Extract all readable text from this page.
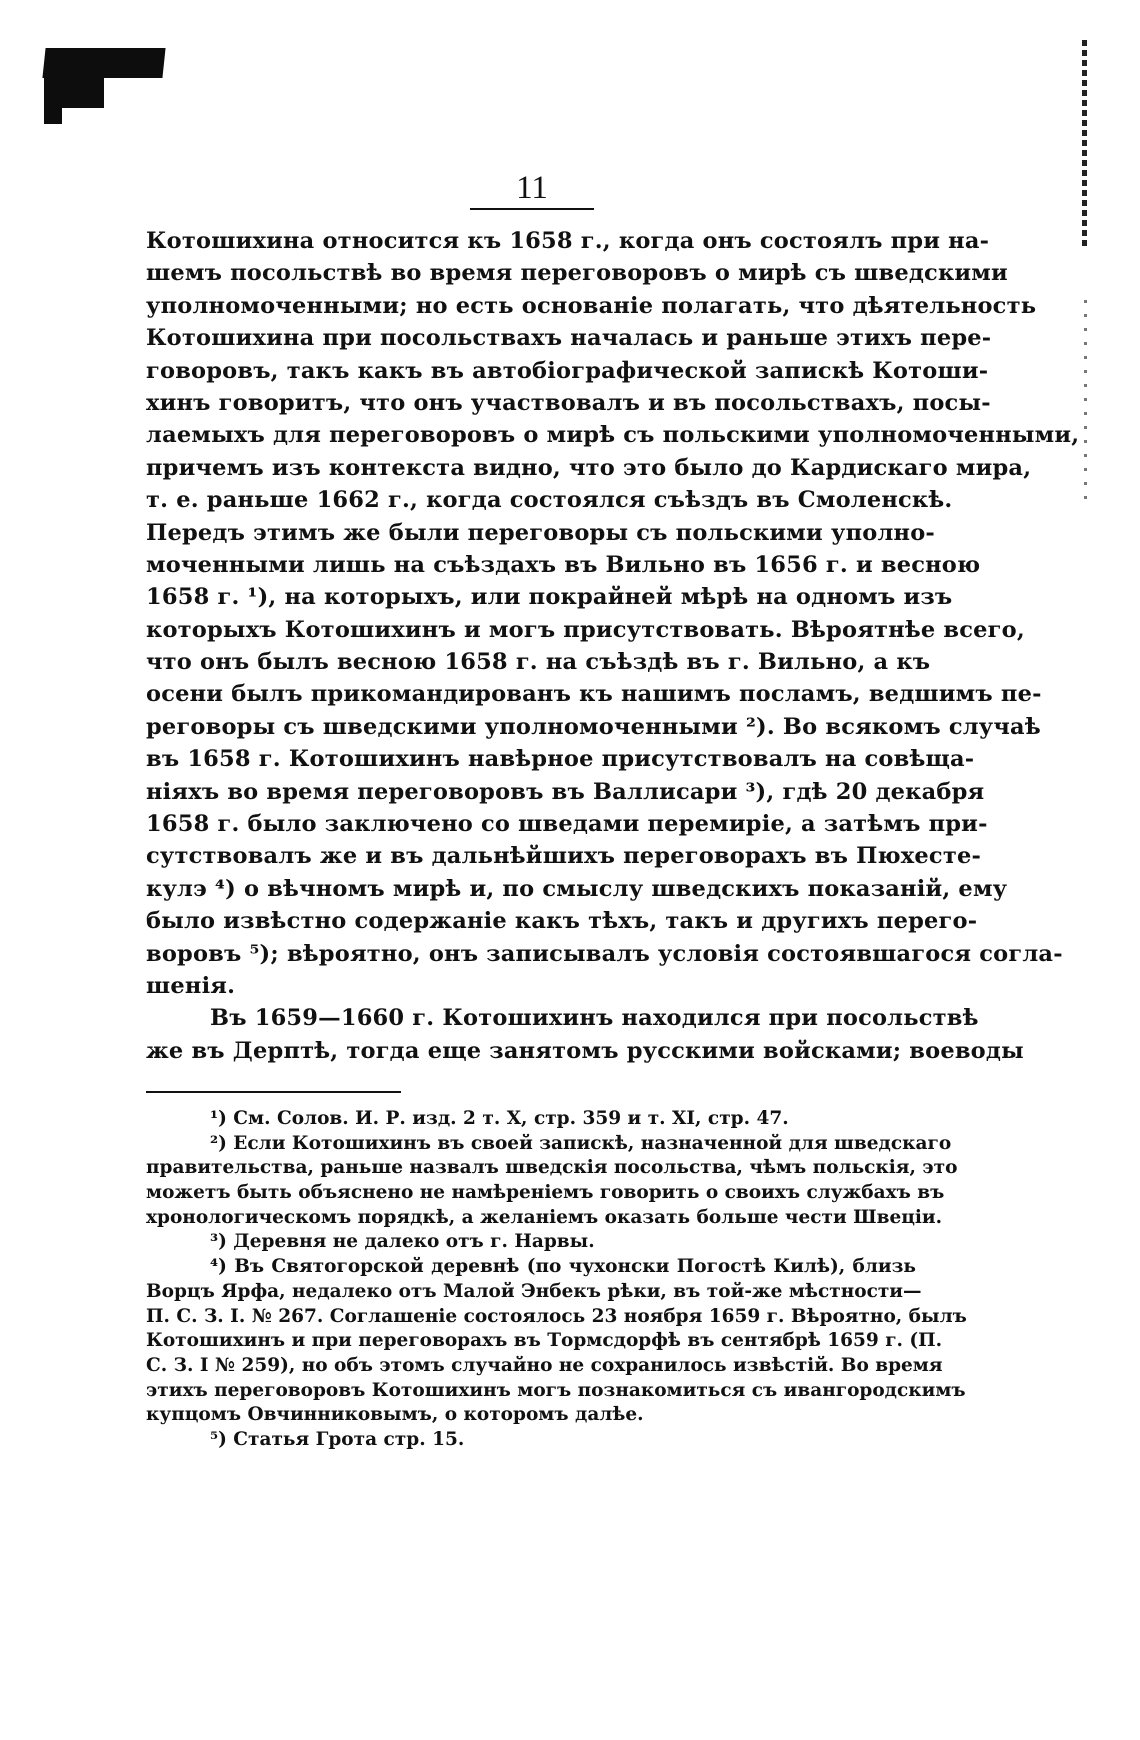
11
Котошихина относится къ 1658 г., когда онъ состоялъ при на-
шемъ посольствѣ во время переговоровъ о мирѣ съ шведскими
уполномоченными; но есть основаніе полагать, что дѣятельность
Котошихина при посольствахъ началась и раньше этихъ пере-
говоровъ, такъ какъ въ автобіографической запискѣ Котоши-
хинъ говоритъ, что онъ участвовалъ и въ посольствахъ, посы-
лаемыхъ для переговоровъ о мирѣ съ польскими уполномоченными,
причемъ изъ контекста видно, что это было до Кардискаго мира,
т. е. раньше 1662 г., когда состоялся съѣздъ въ Смоленскѣ.
Передъ этимъ же были переговоры съ польскими уполно-
моченными лишь на съѣздахъ въ Вильно въ 1656 г. и весною
1658 г. ¹), на которыхъ, или покрайней мѣрѣ на одномъ изъ
которыхъ Котошихинъ и могъ присутствовать. Вѣроятнѣе всего,
что онъ былъ весною 1658 г. на съѣздѣ въ г. Вильно, а къ
осени былъ прикомандированъ къ нашимъ посламъ, ведшимъ пе-
реговоры съ шведскими уполномоченными ²). Во всякомъ случаѣ
въ 1658 г. Котошихинъ навѣрное присутствовалъ на совѣща-
ніяхъ во время переговоровъ въ Валлисари ³), гдѣ 20 декабря
1658 г. было заключено со шведами перемиріе, а затѣмъ при-
сутствовалъ же и въ дальнѣйшихъ переговорахъ въ Пюхесте-
кулэ ⁴) о вѣчномъ мирѣ и, по смыслу шведскихъ показаній, ему
было извѣстно содержаніе какъ тѣхъ, такъ и другихъ перего-
воровъ ⁵); вѣроятно, онъ записывалъ условія состоявшагося согла-
шенія.
Въ 1659—1660 г. Котошихинъ находился при посольствѣ
же въ Дерптѣ, тогда еще занятомъ русскими войсками; воеводы
¹) См. Солов. И. Р. изд. 2 т. X, стр. 359 и т. XI, стр. 47.
²) Если Котошихинъ въ своей запискѣ, назначенной для шведскаго
правительства, раньше назвалъ шведскія посольства, чѣмъ польскія, это
можетъ быть объяснено не намѣреніемъ говорить о своихъ службахъ въ
хронологическомъ порядкѣ, а желаніемъ оказать больше чести Швеціи.
³) Деревня не далеко отъ г. Нарвы.
⁴) Въ Святогорской деревнѣ (по чухонски Погостѣ Килѣ), близь
Ворцъ Ярфа, недалеко отъ Малой Энбекъ рѣки, въ той-же мѣстности—
П. С. З. I. № 267. Соглашеніе состоялось 23 ноября 1659 г. Вѣроятно, былъ
Котошихинъ и при переговорахъ въ Тормсдорфѣ въ сентябрѣ 1659 г. (П.
С. З. I № 259), но объ этомъ случайно не сохранилось извѣстій. Во время
этихъ переговоровъ Котошихинъ могъ познакомиться съ ивангородскимъ
купцомъ Овчинниковымъ, о которомъ далѣе.
⁵) Статья Грота стр. 15.
